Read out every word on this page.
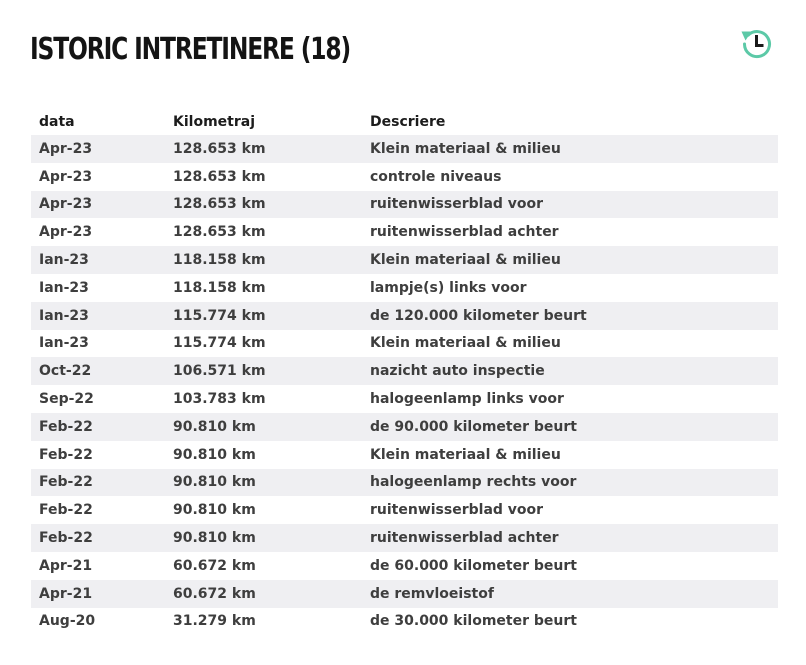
ISTORIC INTRETINERE (18)
data	Kilometraj	Descriere
Apr-23	128.653 km	Klein materiaal & milieu
Apr-23	128.653 km	controle niveaus
Apr-23	128.653 km	ruitenwisserblad voor
Apr-23	128.653 km	ruitenwisserblad achter
Ian-23	118.158 km	Klein materiaal & milieu
Ian-23	118.158 km	lampje(s) links voor
Ian-23	115.774 km	de 120.000 kilometer beurt
Ian-23	115.774 km	Klein materiaal & milieu
Oct-22	106.571 km	nazicht auto inspectie
Sep-22	103.783 km	halogeenlamp links voor
Feb-22	90.810 km	de 90.000 kilometer beurt
Feb-22	90.810 km	Klein materiaal & milieu
Feb-22	90.810 km	halogeenlamp rechts voor
Feb-22	90.810 km	ruitenwisserblad voor
Feb-22	90.810 km	ruitenwisserblad achter
Apr-21	60.672 km	de 60.000 kilometer beurt
Apr-21	60.672 km	de remvloeistof
Aug-20	31.279 km	de 30.000 kilometer beurt
